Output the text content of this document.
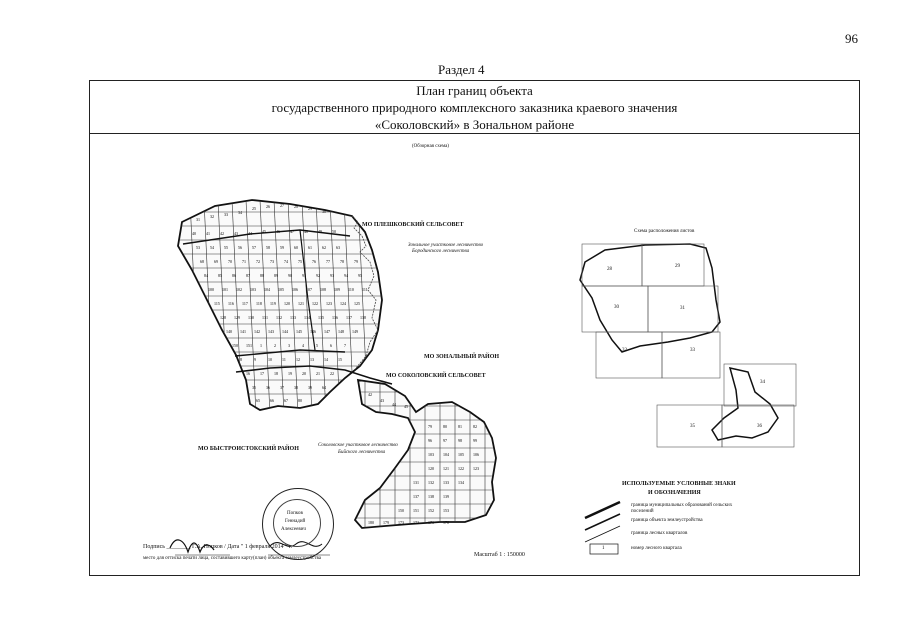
96
Раздел 4
План границ объекта
государственного природного комплексного заказника краевого значения
«Соколовский» в Зональном районе
(Обзорная схема)
31
32	33	34
25	26	27	28	29
30
40	41	42	43	44	45	46	47	48	49	50
53	54	55	56	57	58	59	60	61	62	63
68	69	70	71	72	73	74	75	76	77	78	79
84	85	86	87	88	89	90	91	92	93	94	95
100 101 102 103 104 105 106 107 108 109 110 111
115 116 117 118 119 120 121 122 123 124 125
128 129 130 131 132 133 134 135 136 137 138
140 141 142 143 144 145 146 147 148 149
150 151 1	2	3	4	5	6	7
8	9	10	11	12	13	14	15
16	17	18	19	20	21	22
35	36	37	38	39	64
65	66	67	80
79	80	81	82
96	97	98	99
103 104 105 106
120 121 122 123
131 132 133 134
137 138 139
150 151 152 153
180 179 173 172 171 170
42
43
44 45
Попков
Геннадий
Алексеевич
МО ПЛЕШКОВСКИЙ СЕЛЬСОВЕТ
Зональное участковое лесничество
Бородинского лесничества
МО ЗОНАЛЬНЫЙ РАЙОН
МО СОКОЛОВСКИЙ СЕЛЬСОВЕТ
МО БЫСТРОИСТОКСКИЙ РАЙОН
Соколовское участковое лесничество
Бийского лесничества
Схема расположения листов
28
29
30	31
32	33
34
35	36
ИСПОЛЬЗУЕМЫЕ УСЛОВНЫЕ ЗНАКИ
И ОБОЗНАЧЕНИЯ
граница муниципальных образований сельских поселений
граница объекта землеустройства
граница лесных кварталов
1	номер лесного квартала
Масштаб 1 : 150000
Подпись ________ Г.А. Попков / Дата " 1 февраля 2014 " г.
место для оттиска печати лица, составившего карту(план) объекта землеустройства
